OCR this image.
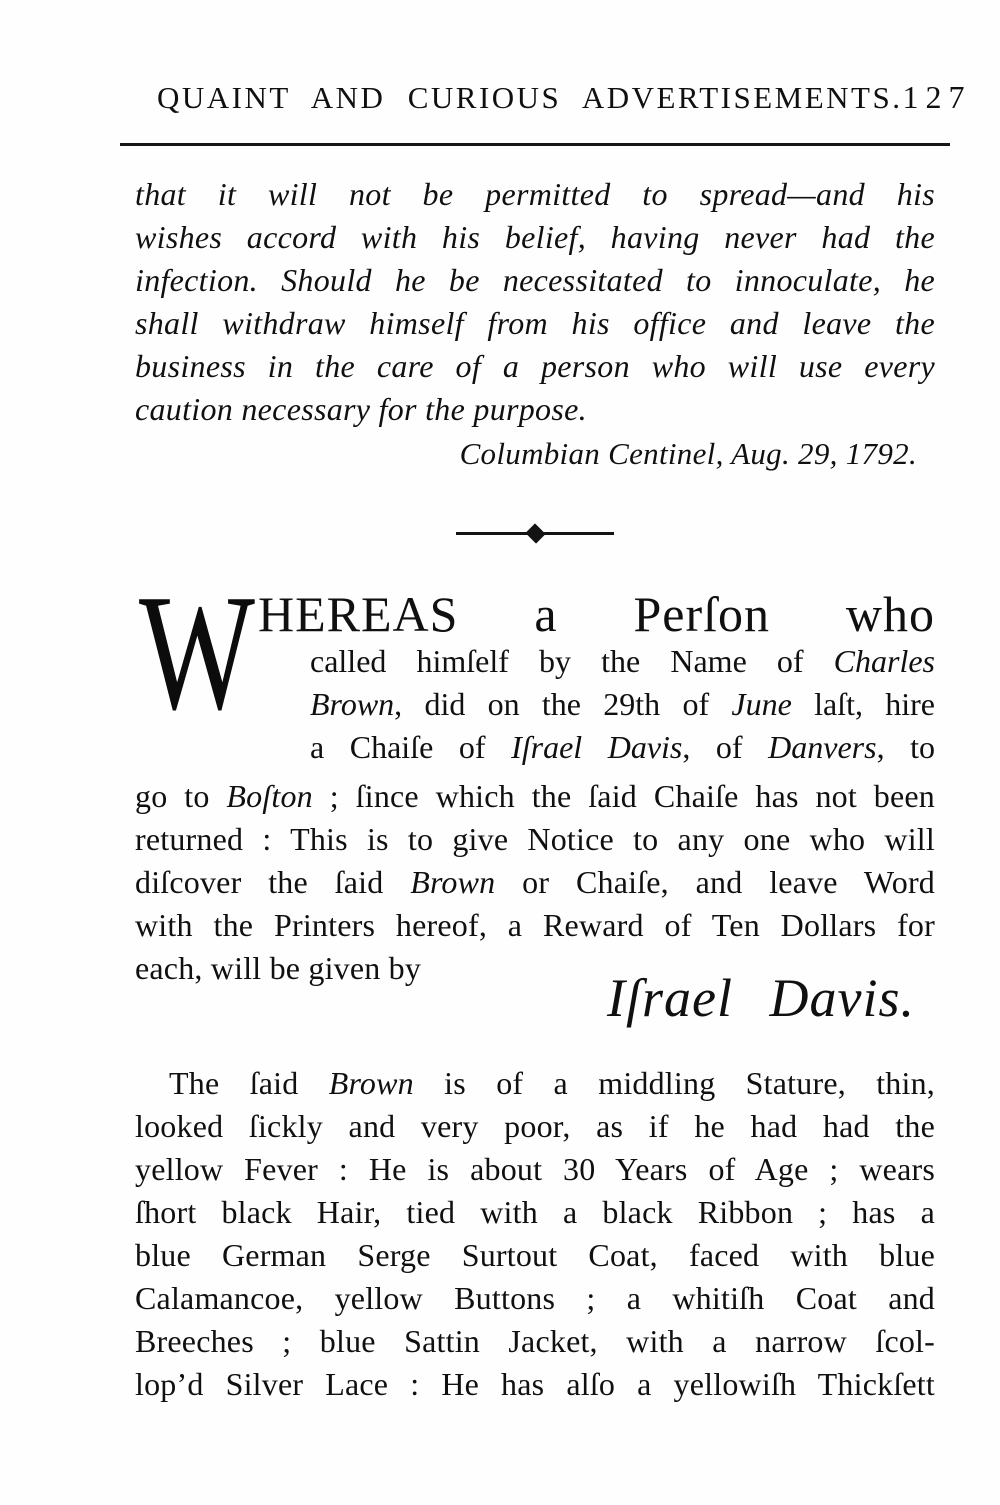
QUAINT AND CURIOUS ADVERTISEMENTS. 127
that it will not be permitted to spread—and his
wishes accord with his belief, having never had the
infection. Should he be necessitated to innoculate, he
shall withdraw himself from his office and leave the
business in the care of a person who will use every
caution necessary for the purpose.
Columbian Centinel, Aug. 29, 1792.
W HEREAS a Perſon who
called himſelf by the Name of Charles
Brown, did on the 29th of June laſt, hire
a Chaiſe of Iſrael Davis, of Danvers, to
go to Boſton ; ſince which the ſaid Chaiſe has not been
returned : This is to give Notice to any one who will
diſcover the ſaid Brown or Chaiſe, and leave Word
with the Printers hereof, a Reward of Ten Dollars for
each, will be given by	Iſrael Davis.
The ſaid Brown is of a middling Stature, thin,
looked ſickly and very poor, as if he had had the
yellow Fever : He is about 30 Years of Age ; wears
ſhort black Hair, tied with a black Ribbon ; has a
blue German Serge Surtout Coat, faced with blue
Calamancoe, yellow Buttons ; a whitiſh Coat and
Breeches ; blue Sattin Jacket, with a narrow ſcol-
lop’d Silver Lace : He has alſo a yellowiſh Thickſett
